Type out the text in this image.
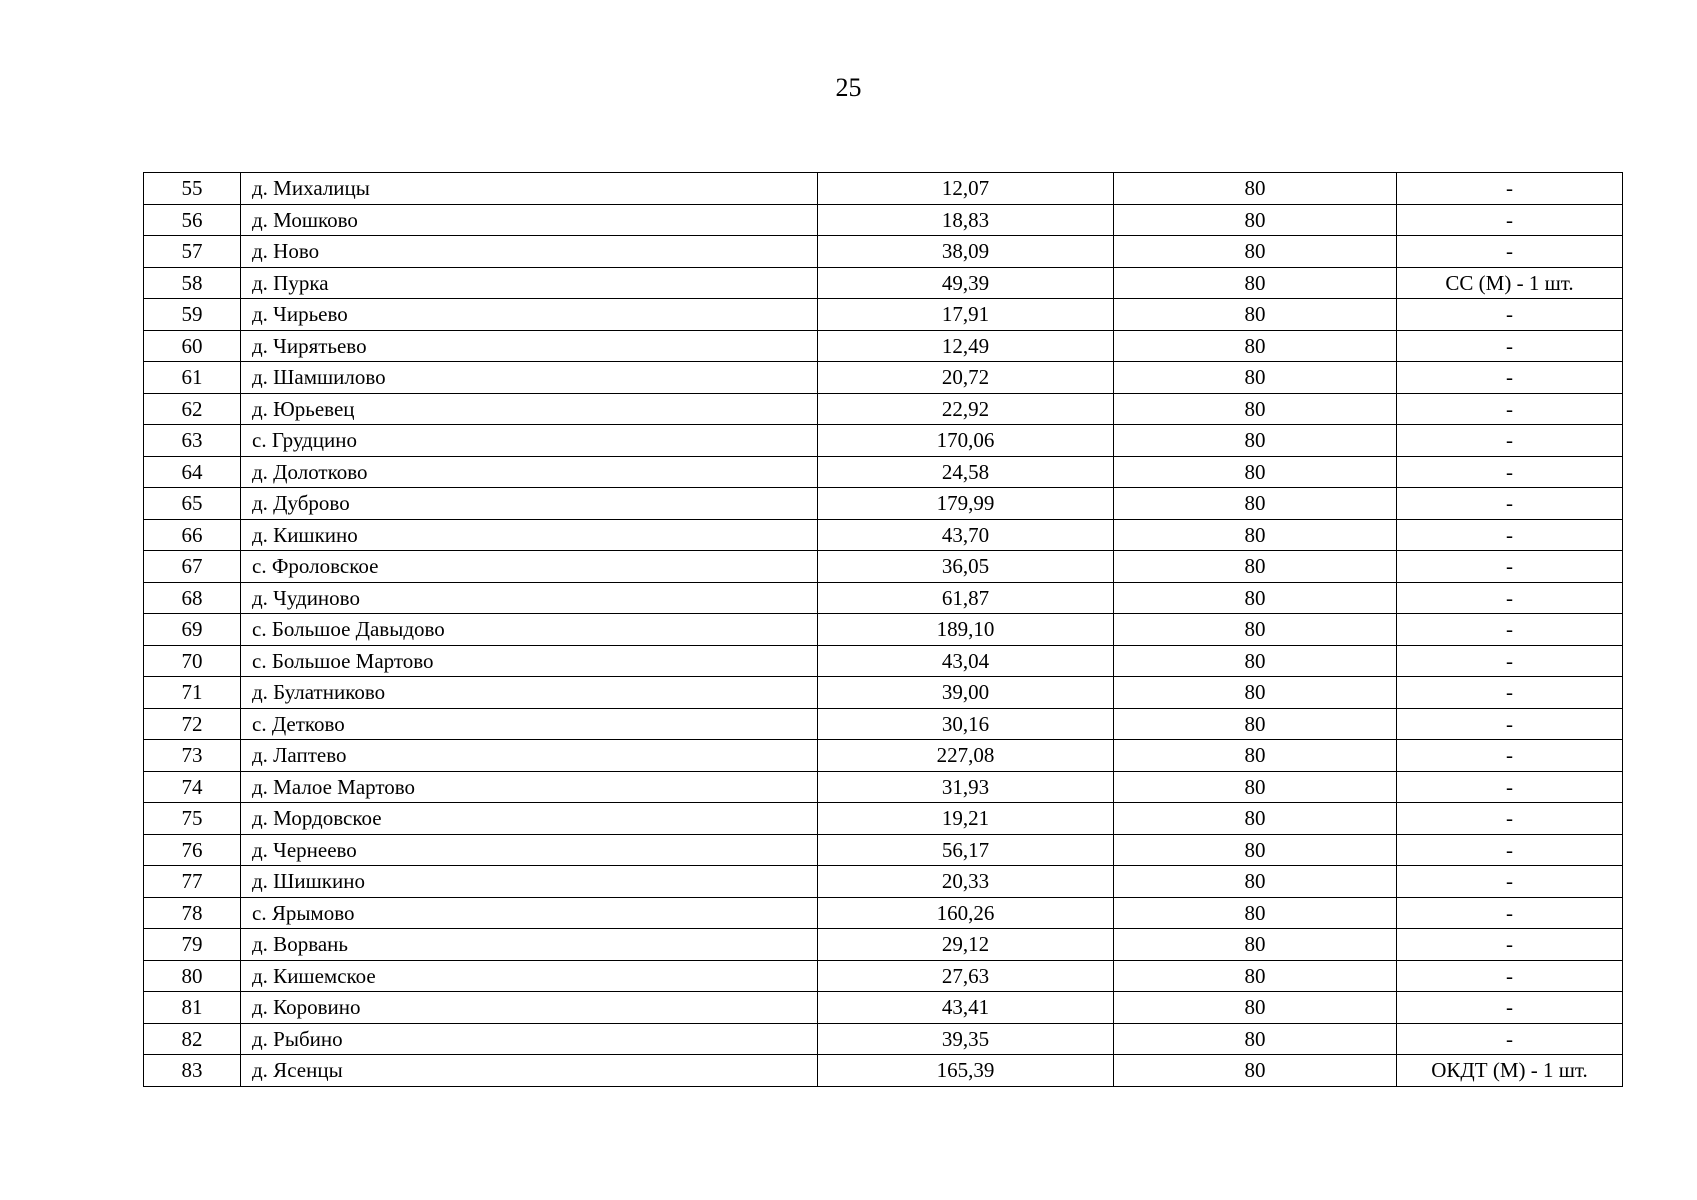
25
55	д. Михалицы	12,07	80	-
56	д. Мошково	18,83	80	-
57	д. Ново	38,09	80	-
58	д. Пурка	49,39	80	СС (М) - 1 шт.
59	д. Чирьево	17,91	80	-
60	д. Чирятьево	12,49	80	-
61	д. Шамшилово	20,72	80	-
62	д. Юрьевец	22,92	80	-
63	с. Грудцино	170,06	80	-
64	д. Долотково	24,58	80	-
65	д. Дуброво	179,99	80	-
66	д. Кишкино	43,70	80	-
67	с. Фроловское	36,05	80	-
68	д. Чудиново	61,87	80	-
69	с. Большое Давыдово	189,10	80	-
70	с. Большое Мартово	43,04	80	-
71	д. Булатниково	39,00	80	-
72	с. Детково	30,16	80	-
73	д. Лаптево	227,08	80	-
74	д. Малое Мартово	31,93	80	-
75	д. Мордовское	19,21	80	-
76	д. Чернеево	56,17	80	-
77	д. Шишкино	20,33	80	-
78	с. Ярымово	160,26	80	-
79	д. Ворвань	29,12	80	-
80	д. Кишемское	27,63	80	-
81	д. Коровино	43,41	80	-
82	д. Рыбино	39,35	80	-
83	д. Ясенцы	165,39	80	ОКДТ (М) - 1 шт.
